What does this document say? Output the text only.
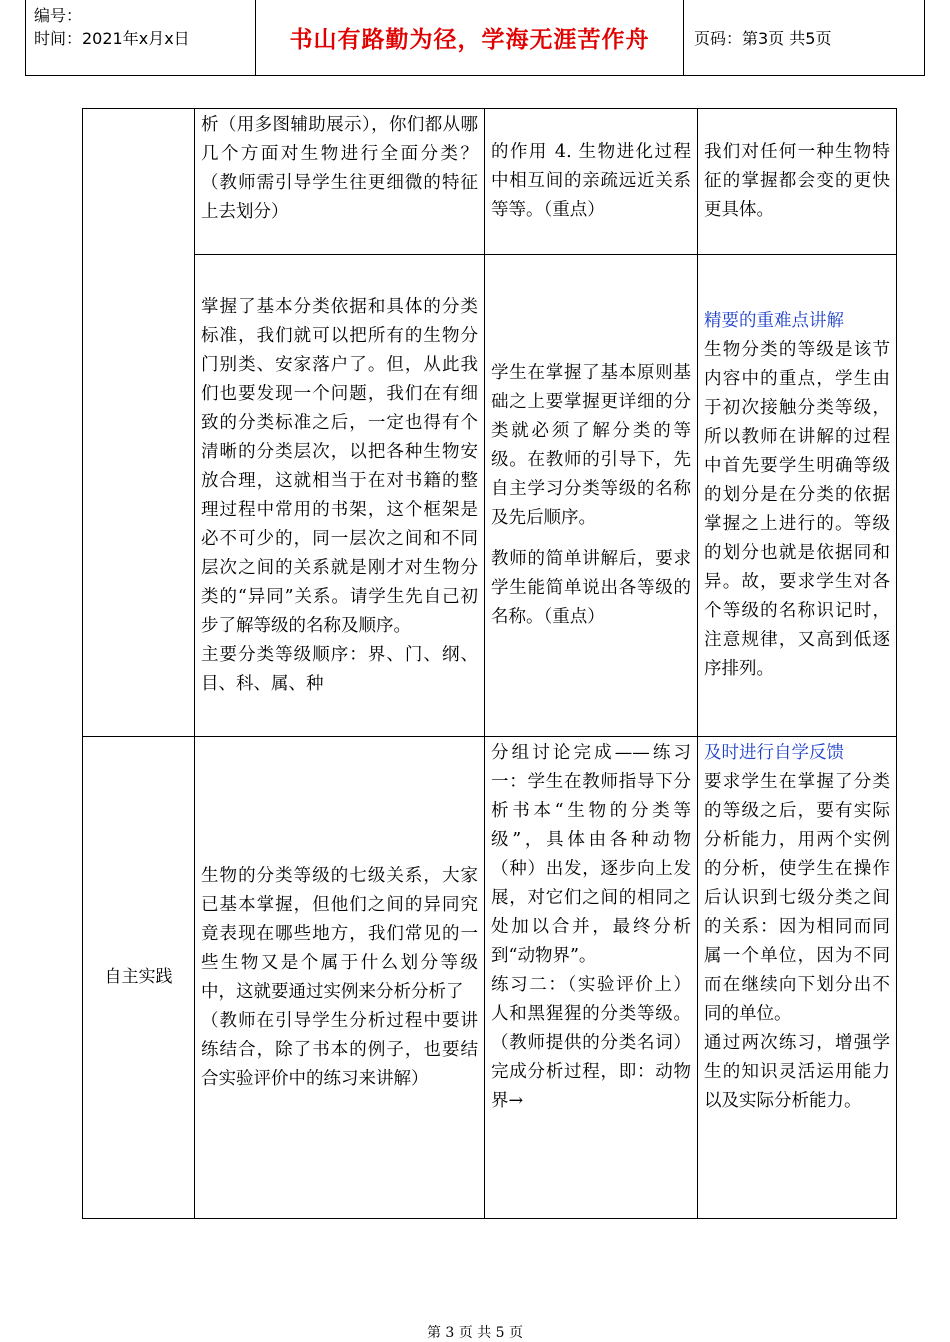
编号：
时间：2021年x月x日	书山有路勤为径，学海无涯苦作舟	页码：第3页 共5页
	析（用多图辅助展示），你们都从哪几个方面对生物进行全面分类？（教师需引导学生往更细微的特征上去划分）	的作用 4. 生物进化过程中相互间的亲疏远近关系等等。（重点）	我们对任何一种生物特征的掌握都会变的更快更具体。

	掌握了基本分类依据和具体的分类标准，我们就可以把所有的生物分门别类、安家落户了。但，从此我们也要发现一个问题，我们在有细致的分类标准之后，一定也得有个清晰的分类层次，以把各种生物安放合理，这就相当于在对书籍的整理过程中常用的书架，这个框架是必不可少的，同一层次之间和不同层次之间的关系就是刚才对生物分类的“异同”关系。请学生先自己初步了解等级的名称及顺序。
主要分类等级顺序：界、门、纲、目、科、属、种	学生在掌握了基本原则基础之上要掌握更详细的分类就必须了解分类的等级。在教师的引导下，先自主学习分类等级的名称及先后顺序。
教师的简单讲解后，要求学生能简单说出各等级的名称。（重点）	精要的重难点讲解
生物分类的等级是该节内容中的重点，学生由于初次接触分类等级，所以教师在讲解的过程中首先要学生明确等级的划分是在分类的依据掌握之上进行的。等级的划分也就是依据同和异。故，要求学生对各个等级的名称识记时，注意规律，又高到低逐序排列。

自主实践	生物的分类等级的七级关系，大家已基本掌握，但他们之间的异同究竟表现在哪些地方，我们常见的一些生物又是个属于什么划分等级中，这就要通过实例来分析分析了
（教师在引导学生分析过程中要讲练结合，除了书本的例子，也要结合实验评价中的练习来讲解）	分组讨论完成——练习一：学生在教师指导下分析书本“生物的分类等级”，具体由各种动物（种）出发，逐步向上发展，对它们之间的相同之处加以合并，最终分析到“动物界”。
练习二：（实验评价上）人和黑猩猩的分类等级。（教师提供的分类名词）完成分析过程，即：动物界→	及时进行自学反馈
要求学生在掌握了分类的等级之后，要有实际分析能力，用两个实例的分析，使学生在操作后认识到七级分类之间的关系：因为相同而同属一个单位，因为不同而在继续向下划分出不同的单位。
通过两次练习，增强学生的知识灵活运用能力以及实际分析能力。
第 3 页 共 5 页
